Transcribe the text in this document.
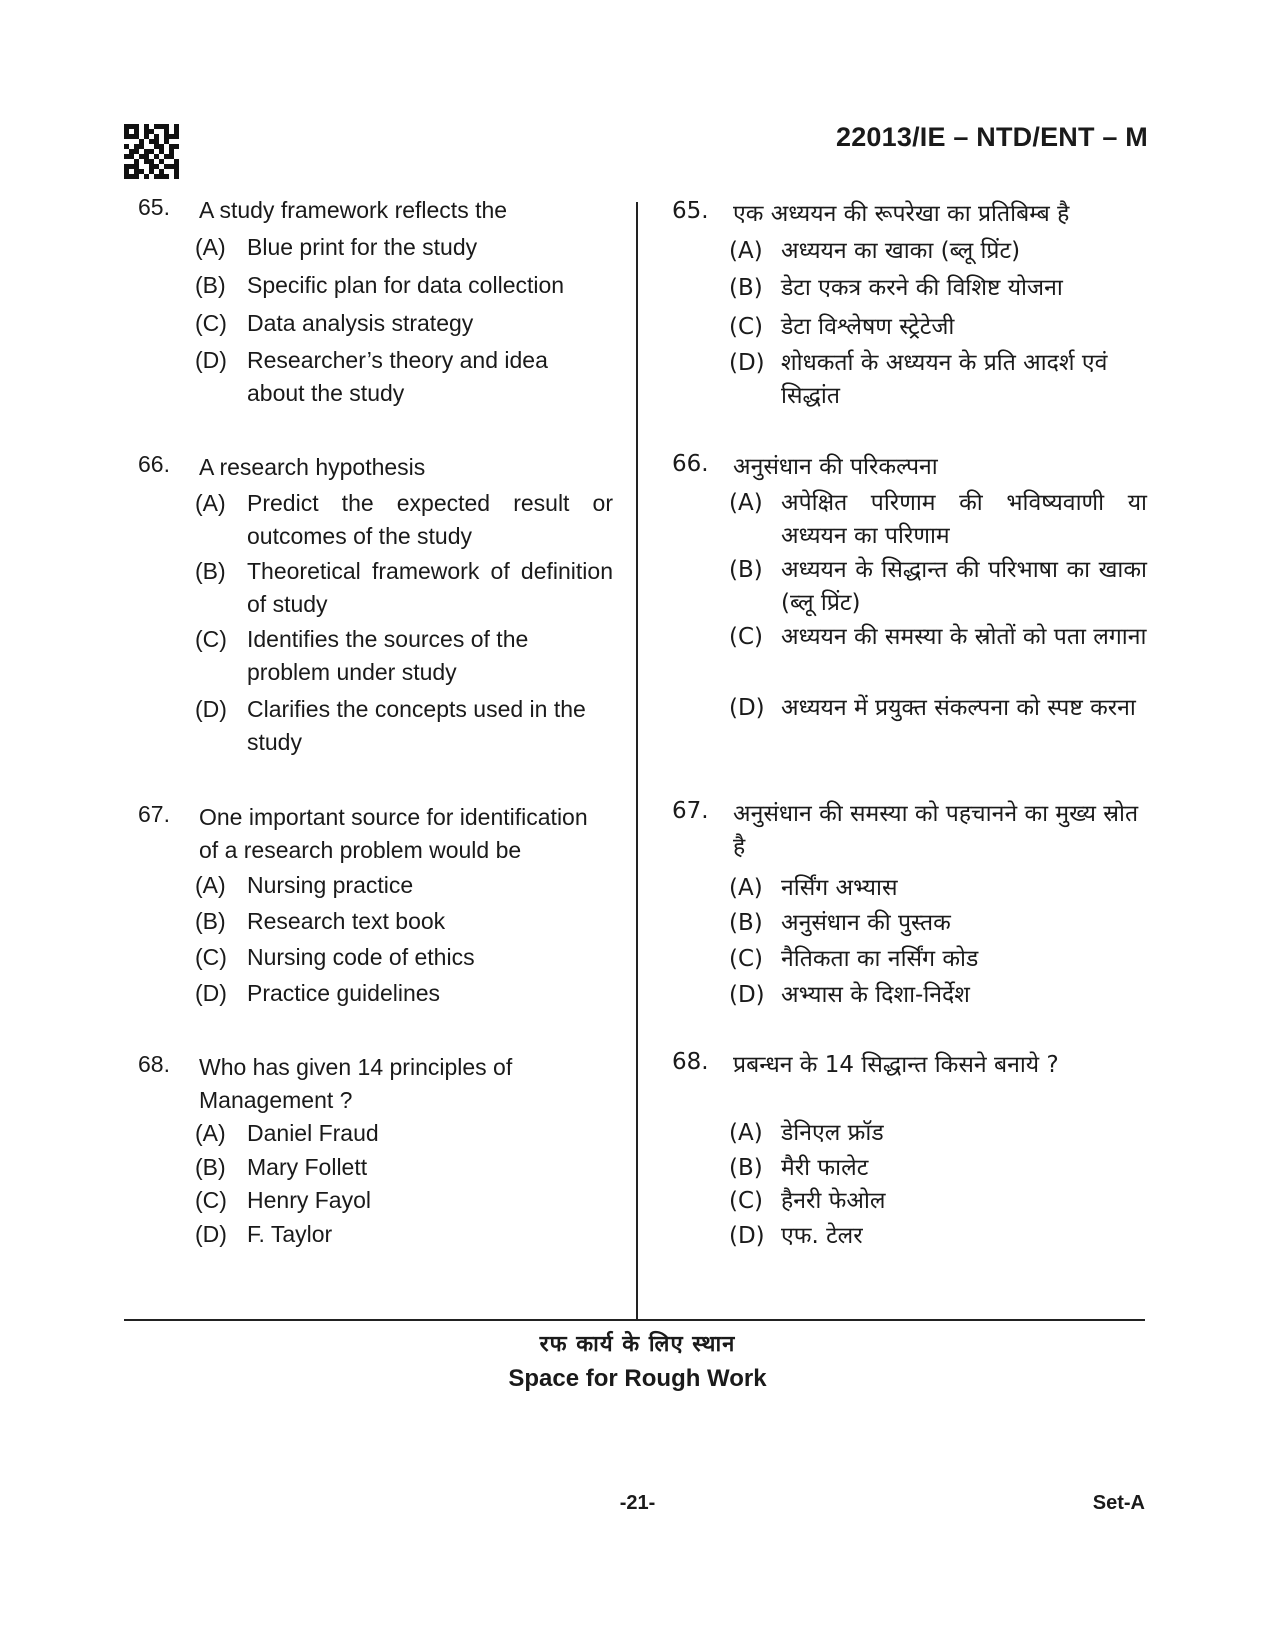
22013/IE – NTD/ENT – M
65. A study framework reflects the
(A) Blue print for the study
(B) Specific plan for data collection
(C) Data analysis strategy
(D) Researcher’s theory and idea about the study
66. A research hypothesis
(A) Predict the expected result or outcomes of the study
(B) Theoretical framework of definition of study
(C) Identifies the sources of the problem under study
(D) Clarifies the concepts used in the study
67. One important source for identification of a research problem would be
(A) Nursing practice
(B) Research text book
(C) Nursing code of ethics
(D) Practice guidelines
68. Who has given 14 principles of Management ?
(A) Daniel Fraud
(B) Mary Follett
(C) Henry Fayol
(D) F. Taylor
65. एक अध्ययन की रूपरेखा का प्रतिबिम्ब है
(A) अध्ययन का खाका (ब्लू प्रिंट)
(B) डेटा एकत्र करने की विशिष्ट योजना
(C) डेटा विश्लेषण स्ट्रेटेजी
(D) शोधकर्ता के अध्ययन के प्रति आदर्श एवं सिद्धांत
66. अनुसंधान की परिकल्पना
(A) अपेक्षित परिणाम की भविष्यवाणी या अध्ययन का परिणाम
(B) अध्ययन के सिद्धान्त की परिभाषा का खाका (ब्लू प्रिंट)
(C) अध्ययन की समस्या के स्रोतों को पता लगाना
(D) अध्ययन में प्रयुक्त संकल्पना को स्पष्ट करना
67. अनुसंधान की समस्या को पहचानने का मुख्य स्रोत है
(A) नर्सिंग अभ्यास
(B) अनुसंधान की पुस्तक
(C) नैतिकता का नर्सिंग कोड
(D) अभ्यास के दिशा-निर्देश
68. प्रबन्धन के 14 सिद्धान्त किसने बनाये ?
(A) डेनिएल फ्रॉड
(B) मैरी फालेट
(C) हैनरी फेओल
(D) एफ. टेलर
रफ कार्य के लिए स्थान
Space for Rough Work
-21-	Set-A
